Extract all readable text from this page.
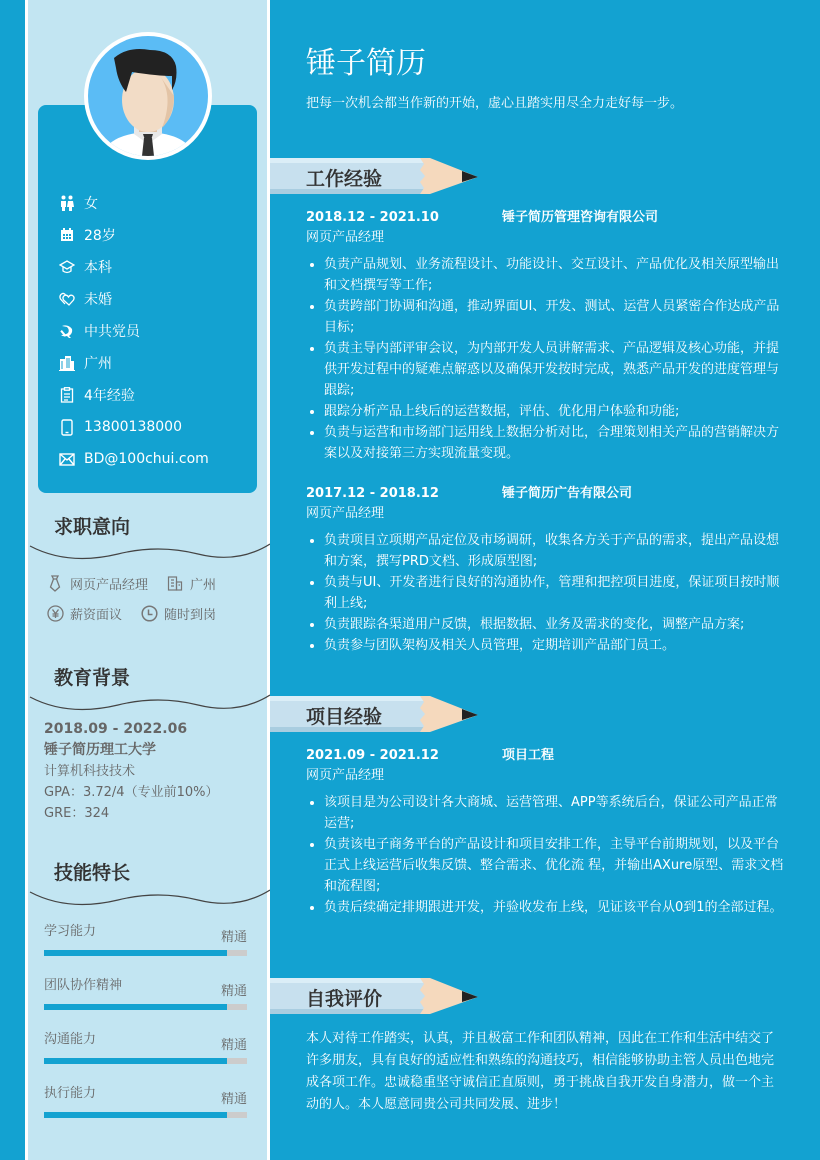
女
28岁
本科
未婚
中共党员
广州
4年经验
13800138000
BD@100chui.com
求职意向
网页产品经理	广州
薪资面议	随时到岗
教育背景
2018.09 - 2022.06
锤子简历理工大学
计算机科技技术
GPA：3.72/4（专业前10%）
GRE：324
技能特长
学习能力	精通
团队协作精神	精通
沟通能力	精通
执行能力	精通
锤子简历
把每一次机会都当作新的开始，虚心且踏实用尽全力走好每一步。
工作经验
2018.12 - 2021.10	锤子简历管理咨询有限公司
网页产品经理
负责产品规划、业务流程设计、功能设计、交互设计、产品优化及相关原型输出和文档撰写等工作;
负责跨部门协调和沟通，推动界面UI、开发、测试、运营人员紧密合作达成产品目标;
负责主导内部评审会议，为内部开发人员讲解需求、产品逻辑及核心功能，并提供开发过程中的疑难点解惑以及确保开发按时完成，熟悉产品开发的进度管理与跟踪;
跟踪分析产品上线后的运营数据，评估、优化用户体验和功能;
负责与运营和市场部门运用线上数据分析对比，合理策划相关产品的营销解决方案以及对接第三方实现流量变现。
2017.12 - 2018.12	锤子简历广告有限公司
网页产品经理
负责项目立项期产品定位及市场调研，收集各方关于产品的需求，提出产品设想和方案，撰写PRD文档、形成原型图;
负责与UI、开发者进行良好的沟通协作，管理和把控项目进度，保证项目按时顺利上线;
负责跟踪各渠道用户反馈，根据数据、业务及需求的变化，调整产品方案;
负责参与团队架构及相关人员管理，定期培训产品部门员工。
项目经验
2021.09 - 2021.12	项目工程
网页产品经理
该项目是为公司设计各大商城、运营管理、APP等系统后台，保证公司产品正常运营;
负责该电子商务平台的产品设计和项目安排工作，主导平台前期规划，以及平台正式上线运营后收集反馈、整合需求、优化流 程，并输出AXure原型、需求文档和流程图;
负责后续确定排期跟进开发，并验收发布上线，见证该平台从0到1的全部过程。
自我评价
本人对待工作踏实，认真，并且极富工作和团队精神，因此在工作和生活中结交了许多朋友，具有良好的适应性和熟练的沟通技巧，相信能够协助主管人员出色地完成各项工作。忠诚稳重坚守诚信正直原则，勇于挑战自我开发自身潜力，做一个主动的人。本人愿意同贵公司共同发展、进步！
